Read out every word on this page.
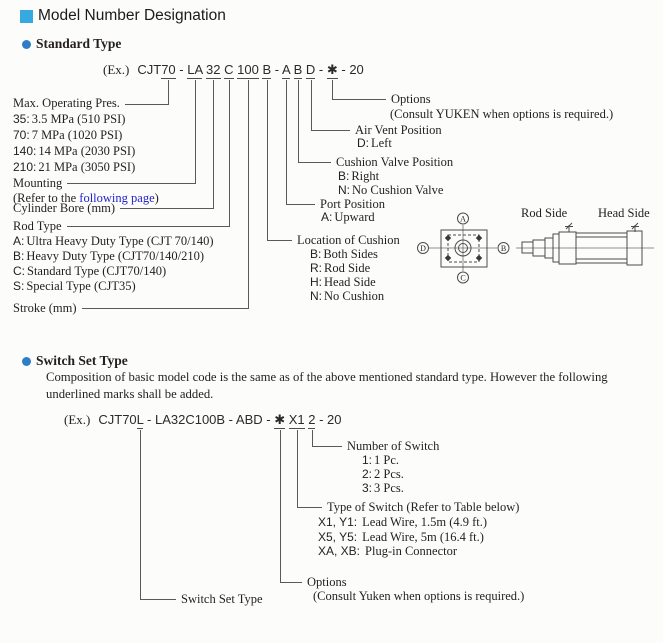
Model Number Designation
Standard Type
(Ex.) CJT70 - LA 32 C 100 B - A B D - ✱ - 20
Max. Operating Pres.
35: 3.5 MPa (510 PSI)
70: 7 MPa (1020 PSI)
140: 14 MPa (2030 PSI)
210: 21 MPa (3050 PSI)
Mounting
(Refer to the following page)
Cylinder Bore (mm)
Rod Type
A: Ultra Heavy Duty Type (CJT 70/140)
B: Heavy Duty Type (CJT70/140/210)
C: Standard Type (CJT70/140)
S: Special Type (CJT35)
Stroke (mm)
Options
(Consult YUKEN when options is required.)
Air Vent Position
D: Left
Cushion Valve Position
B: Right
N: No Cushion Valve
Port Position
A: Upward
Location of Cushion
B: Both Sides
R: Rod Side
H: Head Side
N: No Cushion
Rod Side Head Side
A
B
C
D
Switch Set Type
Composition of basic model code is the same as of the above mentioned standard type. However the following
underlined marks shall be added.
(Ex.) CJT70L - LA32C100B - ABD - ✱ X1 2 - 20
Number of Switch
1: 1 Pc.
2: 2 Pcs.
3: 3 Pcs.
Type of Switch (Refer to Table below)
X1, Y1: Lead Wire, 1.5m (4.9 ft.)
X5, Y5: Lead Wire, 5m (16.4 ft.)
XA, XB: Plug-in Connector
Options
(Consult Yuken when options is required.)
Switch Set Type
